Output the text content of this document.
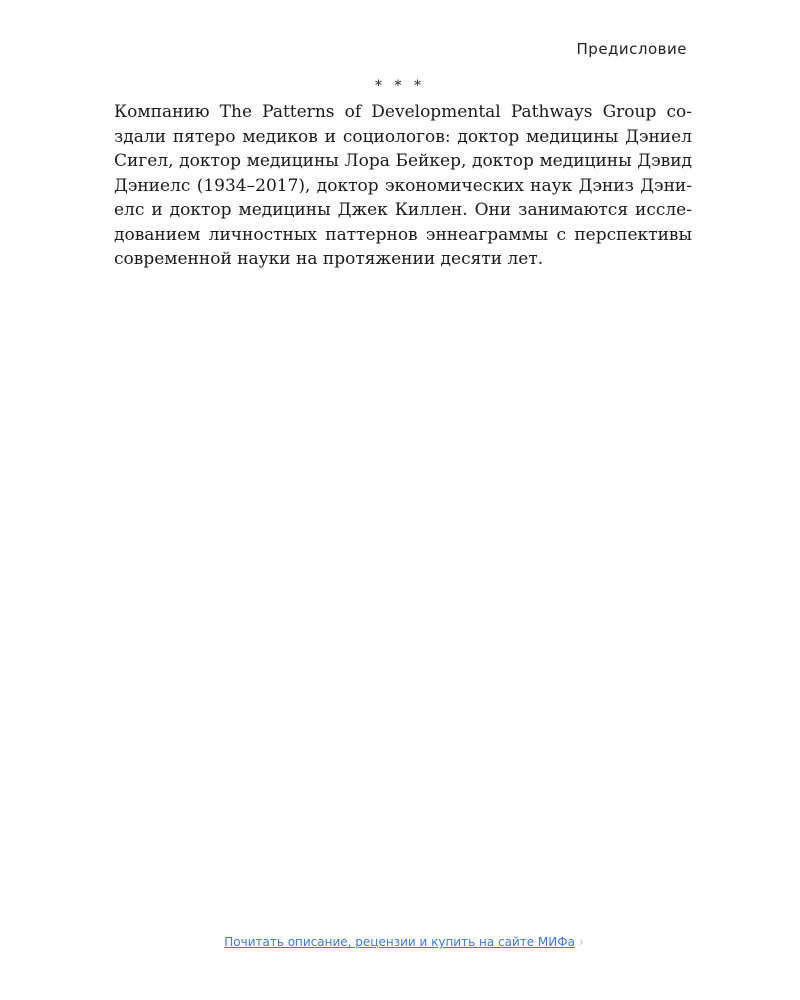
Предисловие
* * *
Компанию The Patterns of Developmental Pathways Group со-
здали пятеро медиков и социологов: доктор медицины Дэниел
Сигел, доктор медицины Лора Бейкер, доктор медицины Дэвид
Дэниелс (1934–2017), доктор экономических наук Дэниз Дэни-
елс и доктор медицины Джек Киллен. Они занимаются иссле-
дованием личностных паттернов эннеаграммы с перспективы
современной науки на протяжении десяти лет.
Почитать описание, рецензии и купить на сайте МИФа ›
